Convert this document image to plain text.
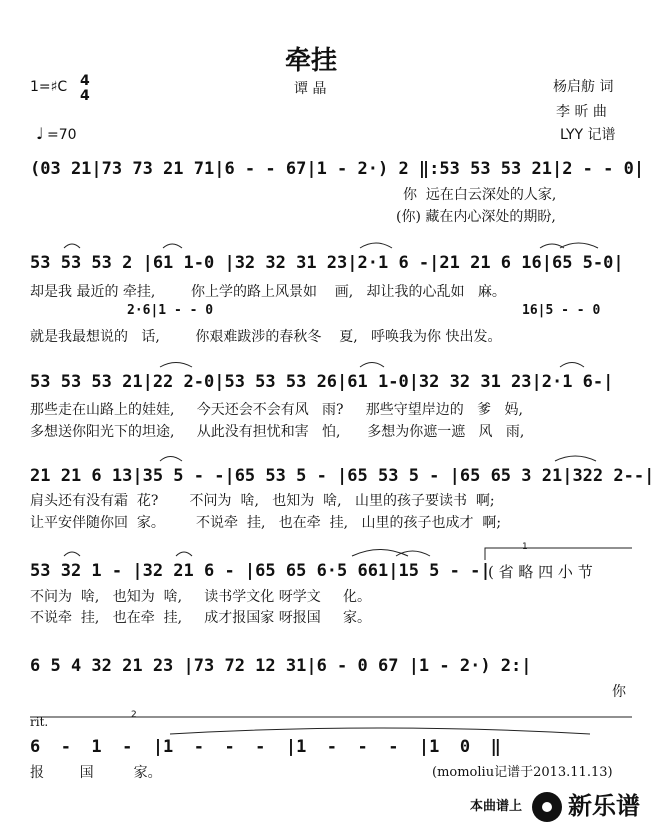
牵挂
1=♯C 4
4	谭 晶	杨启舫 词
李 昕 曲
=70
♩	LYY 记谱
(03 21|73 73 21 71|6 - - 67|1 - 2·) 2 ‖:53 53 53 21|2 - - 0|
你  远在白云深处的人家,
(你) 藏在内心深处的期盼,
53 53 53 2 |61 1-0 |32 32 31 23|2·1 6 -|21 21 6 16|65 5-0|
却是我 最近的 牵挂,        你上学的路上风景如    画,   却让我的心乱如   麻。
2·6|1 - - 0	16|5 - - 0
就是我最想说的   话,        你艰难跋涉的春秋冬    夏,   呼唤我为你 快出发。
53 53 53 21|22 2-0|53 53 53 26|61 1-0|32 32 31 23|2·1 6-|
那些走在山路上的娃娃,     今天还会不会有风   雨?     那些守望岸边的   爹   妈,
多想送你阳光下的坦途,     从此没有担忧和害   怕,      多想为你遮一遮   风   雨,
21 21 6 13|35 5 - -|65 53 5 - |65 53 5 - |65 65 3 21|322 2--|
肩头还有没有霜  花?       不问为  啥,   也知为  啥,   山里的孩子要读书  啊;
让平安伴随你回  家。       不说牵  挂,   也在牵  挂,   山里的孩子也成才  啊;
53 32 1 - |32 21 6 - |65 65 6·5 661|15 5 - -|
( 省 略 四 小 节
1
不问为  啥,   也知为  啥,     读书学文化 呀学文     化。
不说牵  挂,   也在牵  挂,     成才报国家 呀报国     家。
6 5 4 32 21 23 |73 72 12 31|6 - 0 67 |1 - 2·) 2:|
你
rit.	2
6  -  1  -  |1  -  -  -  |1  -  -  -  |1  0  ‖
报        国         家。	(momoliu记谱于2013.11.13)
本曲谱上 新乐谱
